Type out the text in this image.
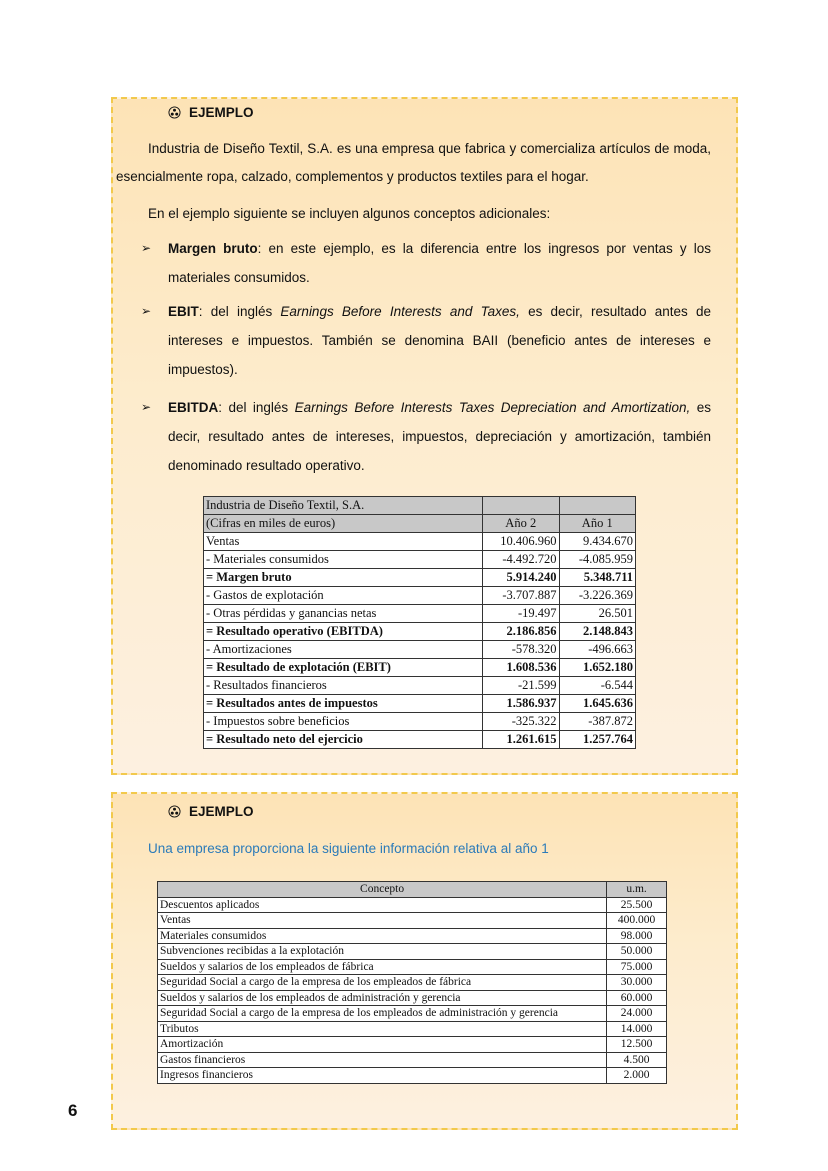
EJEMPLO
Industria de Diseño Textil, S.A. es una empresa que fabrica y comercializa artículos de moda, esencialmente ropa, calzado, complementos y productos textiles para el hogar.
En el ejemplo siguiente se incluyen algunos conceptos adicionales:
➢ Margen bruto: en este ejemplo, es la diferencia entre los ingresos por ventas y los materiales consumidos.
➢ EBIT: del inglés Earnings Before Interests and Taxes, es decir, resultado antes de intereses e impuestos. También se denomina BAII (beneficio antes de intereses e impuestos).
➢ EBITDA: del inglés Earnings Before Interests Taxes Depreciation and Amortization, es decir, resultado antes de intereses, impuestos, depreciación y amortización, también denominado resultado operativo.
Industria de Diseño Textil, S.A.		
(Cifras en miles de euros)	Año 2	Año 1
Ventas	10.406.960	9.434.670
- Materiales consumidos	-4.492.720	-4.085.959
= Margen bruto	5.914.240	5.348.711
- Gastos de explotación	-3.707.887	-3.226.369
- Otras pérdidas y ganancias netas	-19.497	26.501
= Resultado operativo (EBITDA)	2.186.856	2.148.843
- Amortizaciones	-578.320	-496.663
= Resultado de explotación (EBIT)	1.608.536	1.652.180
- Resultados financieros	-21.599	-6.544
= Resultados antes de impuestos	1.586.937	1.645.636
- Impuestos sobre beneficios	-325.322	-387.872
= Resultado neto del ejercicio	1.261.615	1.257.764
EJEMPLO
Una empresa proporciona la siguiente información relativa al año 1
Concepto	u.m.
Descuentos aplicados	25.500
Ventas	400.000
Materiales consumidos	98.000
Subvenciones recibidas a la explotación	50.000
Sueldos y salarios de los empleados de fábrica	75.000
Seguridad Social a cargo de la empresa de los empleados de fábrica	30.000
Sueldos y salarios de los empleados de administración y gerencia	60.000
Seguridad Social a cargo de la empresa de los empleados de administración y gerencia	24.000
Tributos	14.000
Amortización	12.500
Gastos financieros	4.500
Ingresos financieros	2.000
6
